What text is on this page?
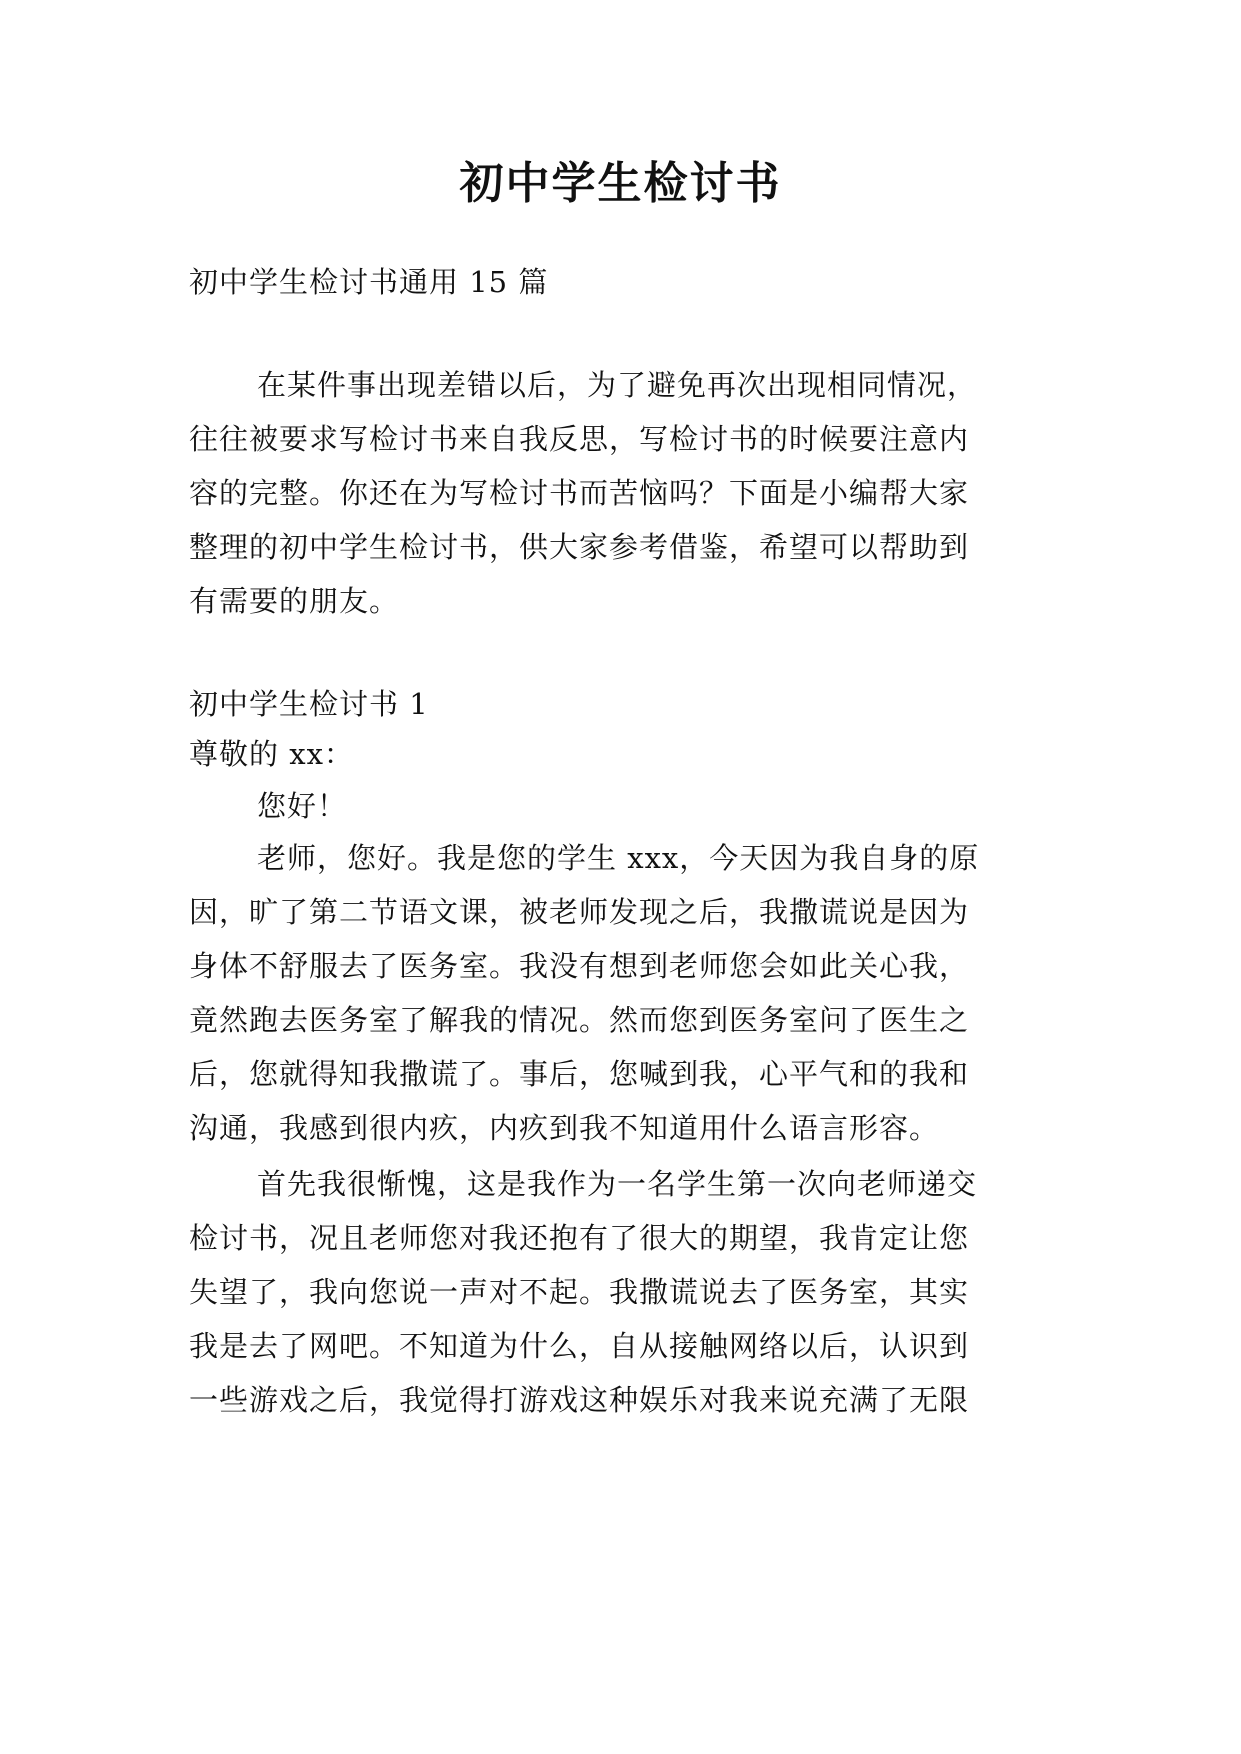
初中学生检讨书
初中学生检讨书通用 15 篇
在某件事出现差错以后，为了避免再次出现相同情况，
往往被要求写检讨书来自我反思，写检讨书的时候要注意内
容的完整。你还在为写检讨书而苦恼吗？下面是小编帮大家
整理的初中学生检讨书，供大家参考借鉴，希望可以帮助到
有需要的朋友。
初中学生检讨书 1
尊敬的 xx：
您好！
老师，您好。我是您的学生 xxx，今天因为我自身的原
因，旷了第二节语文课，被老师发现之后，我撒谎说是因为
身体不舒服去了医务室。我没有想到老师您会如此关心我，
竟然跑去医务室了解我的情况。然而您到医务室问了医生之
后，您就得知我撒谎了。事后，您喊到我，心平气和的我和
沟通，我感到很内疚，内疚到我不知道用什么语言形容。
首先我很惭愧，这是我作为一名学生第一次向老师递交
检讨书，况且老师您对我还抱有了很大的期望，我肯定让您
失望了，我向您说一声对不起。我撒谎说去了医务室，其实
我是去了网吧。不知道为什么，自从接触网络以后，认识到
一些游戏之后，我觉得打游戏这种娱乐对我来说充满了无限
